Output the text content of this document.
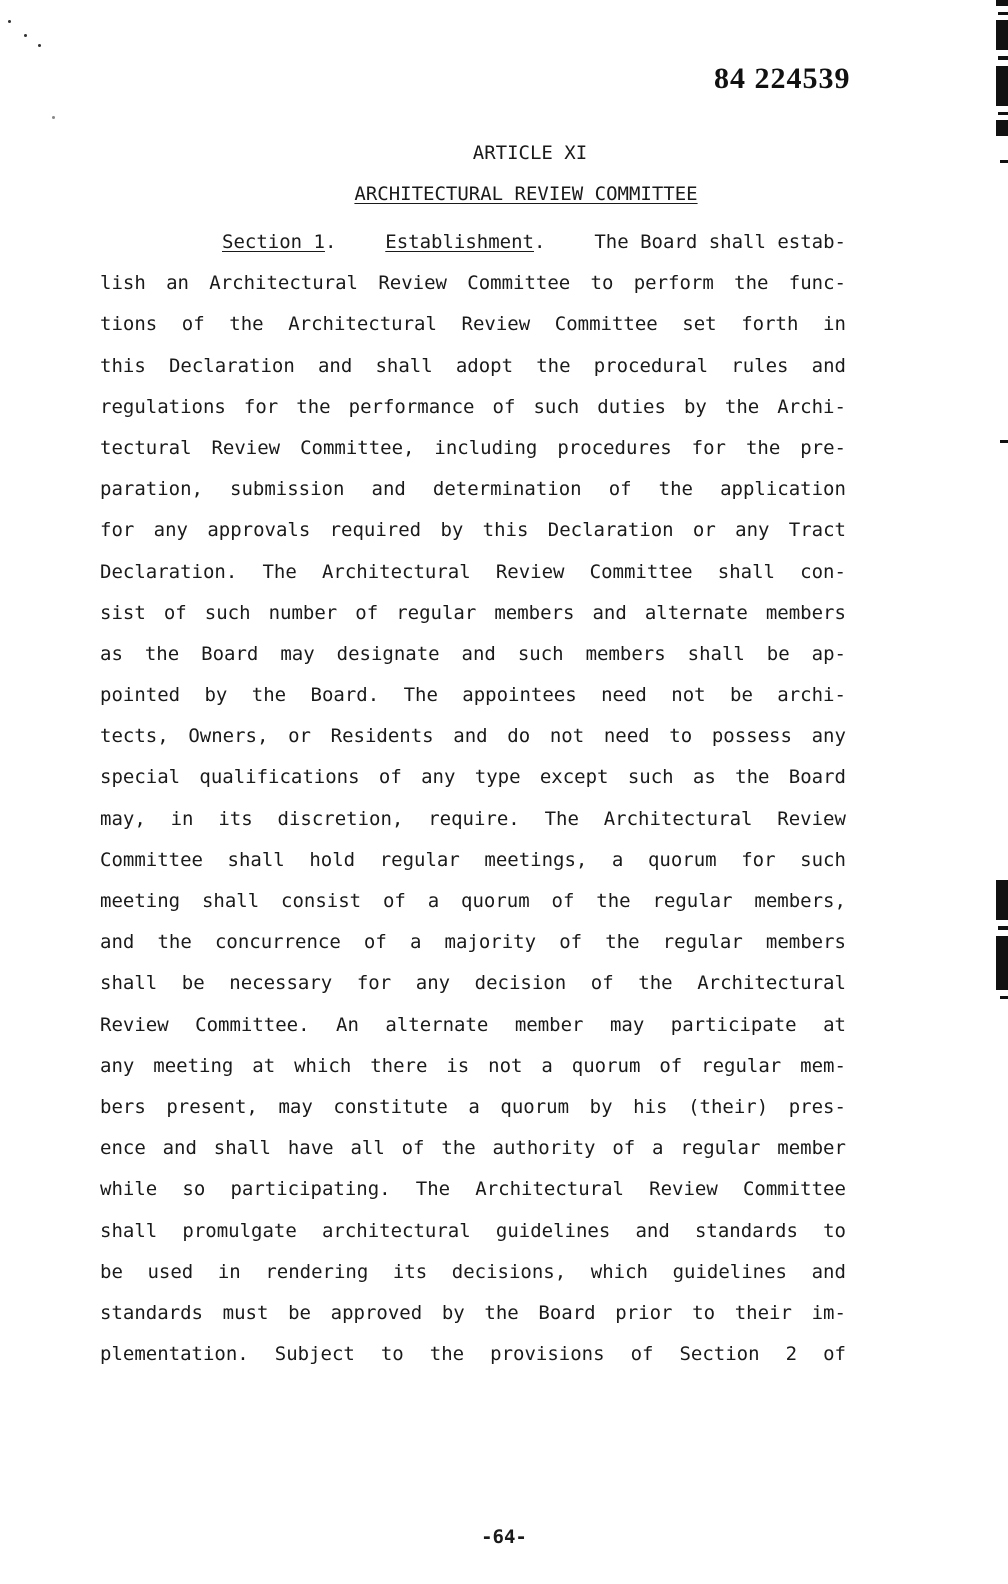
84 224539
ARTICLE XI
ARCHITECTURAL REVIEW COMMITTEE
Section 1.	Establishment.	The Board shall estab-
lish an Architectural Review Committee to perform the func-
tions of the Architectural Review Committee set forth in
this Declaration and shall adopt the procedural rules and
regulations for the performance of such duties by the Archi-
tectural Review Committee, including procedures for the pre-
paration, submission and determination of the application
for any approvals required by this Declaration or any Tract
Declaration. The Architectural Review Committee shall con-
sist of such number of regular members and alternate members
as the Board may designate and such members shall be ap-
pointed by the Board. The appointees need not be archi-
tects, Owners, or Residents and do not need to possess any
special qualifications of any type except such as the Board
may, in its discretion, require. The Architectural Review
Committee shall hold regular meetings, a quorum for such
meeting shall consist of a quorum of the regular members,
and the concurrence of a majority of the regular members
shall be necessary for any decision of the Architectural
Review Committee. An alternate member may participate at
any meeting at which there is not a quorum of regular mem-
bers present, may constitute a quorum by his (their) pres-
ence and shall have all of the authority of a regular member
while so participating. The Architectural Review Committee
shall promulgate architectural guidelines and standards to
be used in rendering its decisions, which guidelines and
standards must be approved by the Board prior to their im-
plementation. Subject to the provisions of Section 2 of
-64-
